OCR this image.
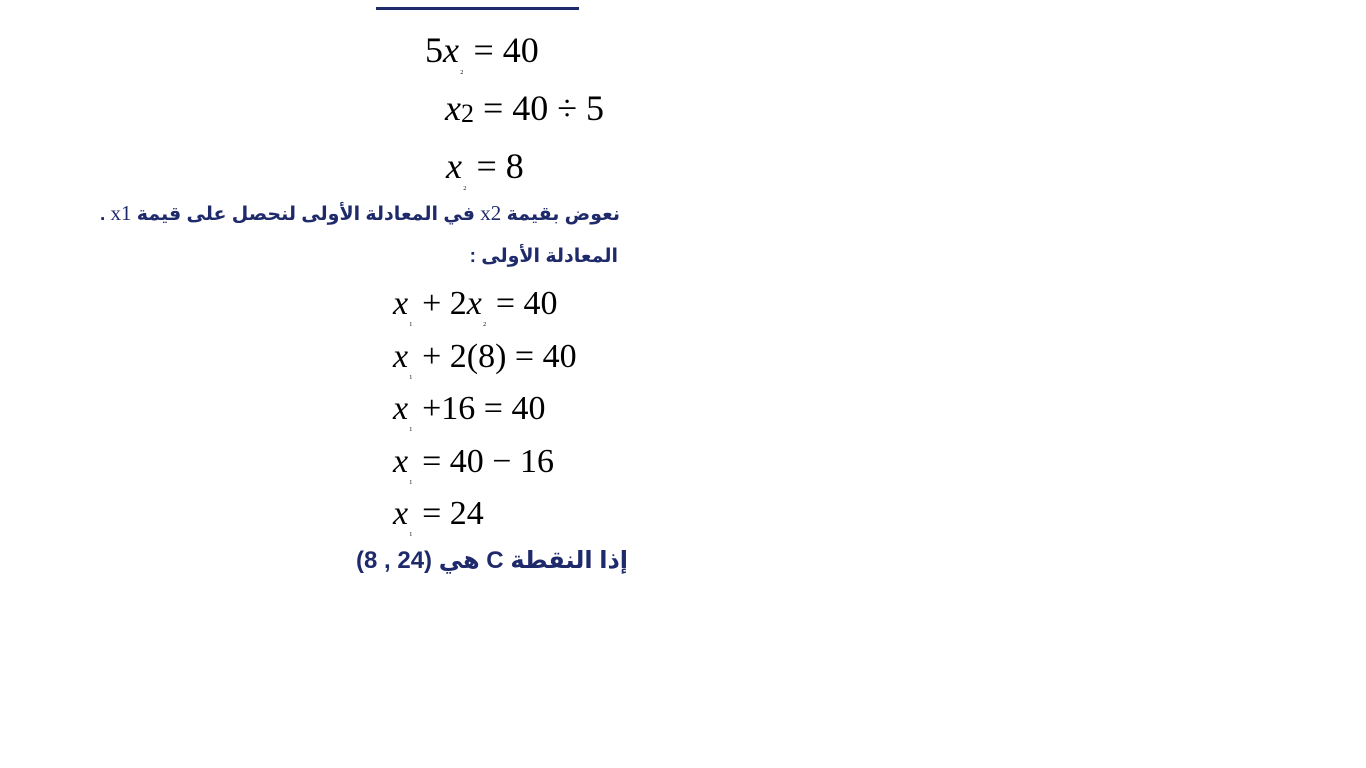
$5x_{_2} = 40$
x2 = 40 ÷ 5
$x_{_2} = 8$
نعوض بقيمة x2 في المعادلة الأولى لنحصل على قيمة x1 .
المعادلة الأولى :
$x_{_1} + 2x_{_2} = 40$
$x_{_1} + 2(8) = 40$
$x_{_1} +16 = 40$
$x_{_1} = 40 - 16$
$x_{_1} = 24$
إذا النقطة C هي (8 , 24)
